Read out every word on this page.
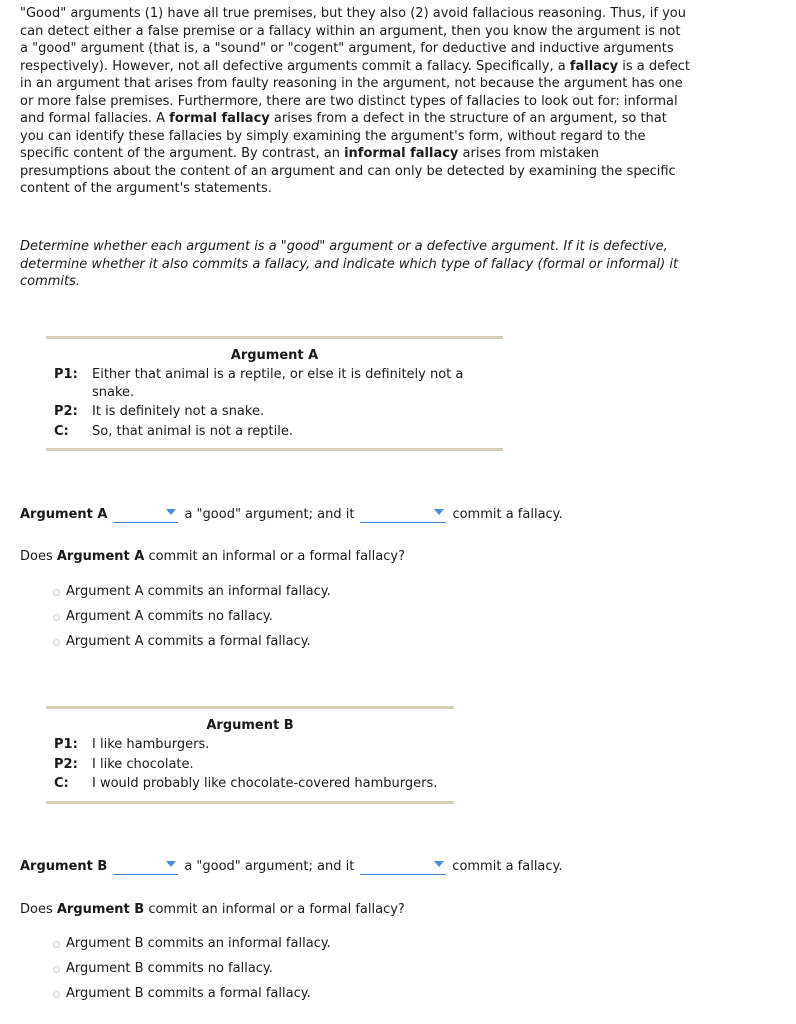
"Good" arguments (1) have all true premises, but they also (2) avoid fallacious reasoning. Thus, if you can detect either a false premise or a fallacy within an argument, then you know the argument is not a "good" argument (that is, a "sound" or "cogent" argument, for deductive and inductive arguments respectively). However, not all defective arguments commit a fallacy. Specifically, a fallacy is a defect in an argument that arises from faulty reasoning in the argument, not because the argument has one or more false premises. Furthermore, there are two distinct types of fallacies to look out for: informal and formal fallacies. A formal fallacy arises from a defect in the structure of an argument, so that you can identify these fallacies by simply examining the argument's form, without regard to the specific content of the argument. By contrast, an informal fallacy arises from mistaken presumptions about the content of an argument and can only be detected by examining the specific content of the argument's statements.

Determine whether each argument is a "good" argument or a defective argument. If it is defective, determine whether it also commits a fallacy, and indicate which type of fallacy (formal or informal) it commits.

Argument A
P1:	Either that animal is a reptile, or else it is definitely not a snake.
P2:	It is definitely not a snake.
C:	So, that animal is not a reptile.
Argument A	a "good" argument; and it	commit a fallacy.
Does Argument A commit an informal or a formal fallacy?
Argument A commits an informal fallacy.
Argument A commits no fallacy.
Argument A commits a formal fallacy.
Argument B
P1:	I like hamburgers.
P2:	I like chocolate.
C:	I would probably like chocolate-covered hamburgers.
Argument B	a "good" argument; and it	commit a fallacy.
Does Argument B commit an informal or a formal fallacy?
Argument B commits an informal fallacy.
Argument B commits no fallacy.
Argument B commits a formal fallacy.
